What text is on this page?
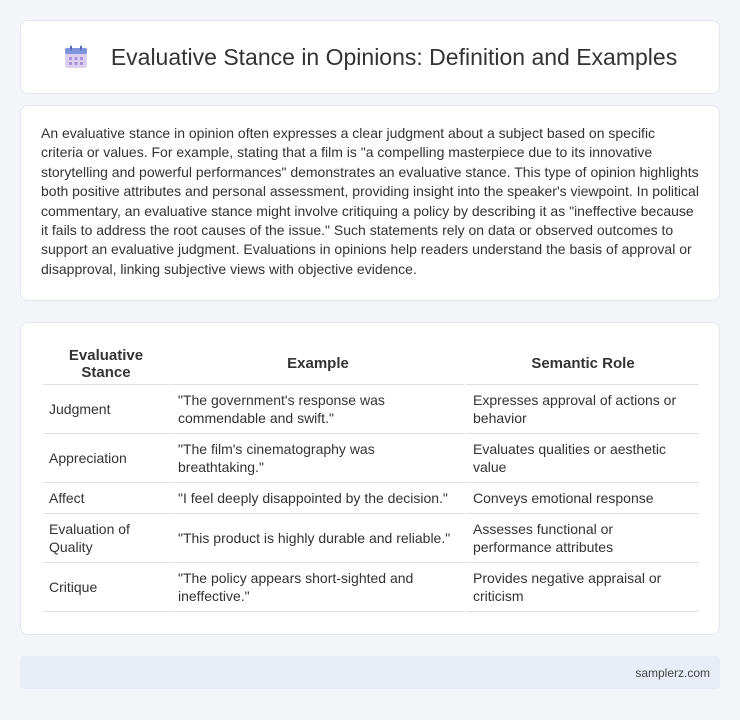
Evaluative Stance in Opinions: Definition and Examples

An evaluative stance in opinion often expresses a clear judgment about a subject based on specific criteria or values. For example, stating that a film is "a compelling masterpiece due to its innovative storytelling and powerful performances" demonstrates an evaluative stance. This type of opinion highlights both positive attributes and personal assessment, providing insight into the speaker's viewpoint. In political commentary, an evaluative stance might involve critiquing a policy by describing it as "ineffective because it fails to address the root causes of the issue." Such statements rely on data or observed outcomes to support an evaluative judgment. Evaluations in opinions help readers understand the basis of approval or disapproval, linking subjective views with objective evidence.

Evaluative Stance	Example	Semantic Role
Judgment	"The government's response was commendable and swift."	Expresses approval of actions or behavior
Appreciation	"The film's cinematography was breathtaking."	Evaluates qualities or aesthetic value
Affect	"I feel deeply disappointed by the decision."	Conveys emotional response
Evaluation of Quality	"This product is highly durable and reliable."	Assesses functional or performance attributes
Critique	"The policy appears short-sighted and ineffective."	Provides negative appraisal or criticism
samplerz.com
